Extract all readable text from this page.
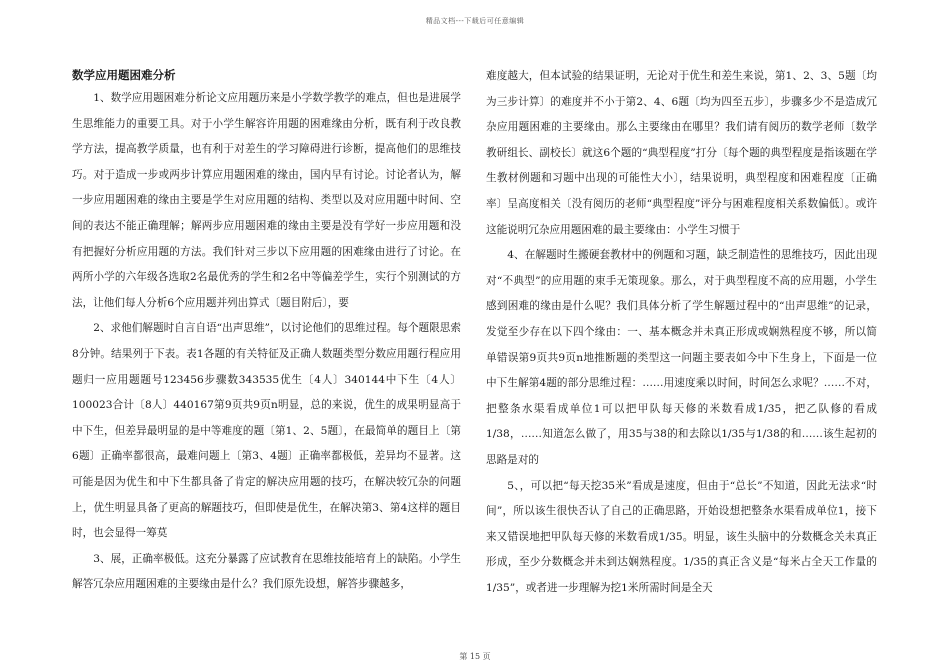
精品文档---下载后可任意编辑
数学应用题困难分析

1、数学应用题困难分析论文应用题历来是小学数学教学的难点，但也是进展学生思维能力的重要工具。对于小学生解容许用题的困难缘由分析，既有利于改良教学方法，提高教学质量，也有利于对差生的学习障碍进行诊断，提高他们的思维技巧。对于造成一步或两步计算应用题困难的缘由，国内早有讨论。讨论者认为，解一步应用题困难的缘由主要是学生对应用题的结构、类型以及对应用题中时间、空间的表达不能正确理解；解两步应用题困难的缘由主要是没有学好一步应用题和没有把握好分析应用题的方法。我们针对三步以下应用题的困难缘由进行了讨论。在两所小学的六年级各选取2名最优秀的学生和2名中等偏差学生，实行个别测试的方法，让他们每人分析6个应用题并列出算式〔题目附后〕，要

2、求他们解题时自言自语“出声思维”，以讨论他们的思维过程。每个题限思索8分钟。结果列于下表。表1各题的有关特征及正确人数题类型分数应用题行程应用题归一应用题题号123456步骤数343535优生〔4人〕340144中下生〔4人〕100023合计〔8人〕440167第9页共9页n明显，总的来说，优生的成果明显高于中下生，但差异最明显的是中等难度的题〔第1、2、5题〕，在最简单的题目上〔第6题〕正确率都很高，最难问题上〔第3、4题〕正确率都极低，差异均不显著。这可能是因为优生和中下生都具备了肯定的解决应用题的技巧，在解决较冗杂的问题上，优生明显具备了更高的解题技巧，但即使是优生，在解决第3、第4这样的题目时，也会显得一筹莫

3、展，正确率极低。这充分暴露了应试教育在思维技能培育上的缺陷。小学生解答冗杂应用题困难的主要缘由是什么？我们原先设想，解答步骤越多，

难度越大，但本试验的结果证明，无论对于优生和差生来说，第1、2、3、5题〔均为三步计算〕的难度并不小于第2、4、6题〔均为四至五步〕，步骤多少不是造成冗杂应用题困难的主要缘由。那么主要缘由在哪里？我们请有阅历的数学老师〔数学教研组长、副校长〕就这6个题的“典型程度”打分〔每个题的典型程度是指该题在学生教材例题和习题中出现的可能性大小〕，结果说明，典型程度和困难程度〔正确率〕呈高度相关〔没有阅历的老师“典型程度”评分与困难程度相关系数偏低〕。或许这能说明冗杂应用题困难的最主要缘由：小学生习惯于

4、在解题时生搬硬套教材中的例题和习题，缺乏制造性的思维技巧，因此出现对“不典型”的应用题的束手无策现象。那么，对于典型程度不高的应用题，小学生感到困难的缘由是什么呢？我们具体分析了学生解题过程中的“出声思维”的记录，发觉至少存在以下四个缘由：一、基本概念并未真正形成或娴熟程度不够，所以简单错误第9页共9页n地推断题的类型这一问题主要表如今中下生身上，下面是一位中下生解第4题的部分思维过程：……用速度乘以时间，时间怎么求呢？……不对，把整条水渠看成单位1可以把甲队每天修的米数看成1/35，把乙队修的看成1/38，……知道怎么做了，用35与38的和去除以1/35与1/38的和……该生起初的思路是对的

5、，可以把“每天挖35米”看成是速度，但由于“总长”不知道，因此无法求“时间”，所以该生很快否认了自己的正确思路，开始设想把整条水渠看成单位1，接下来又错误地把甲队每天修的米数看成1/35。明显，该生头脑中的分数概念关未真正形成，至少分数概念并未到达娴熟程度。1/35的真正含义是“每米占全天工作量的1/35”，或者进一步理解为挖1米所需时间是全天

第 15 页
